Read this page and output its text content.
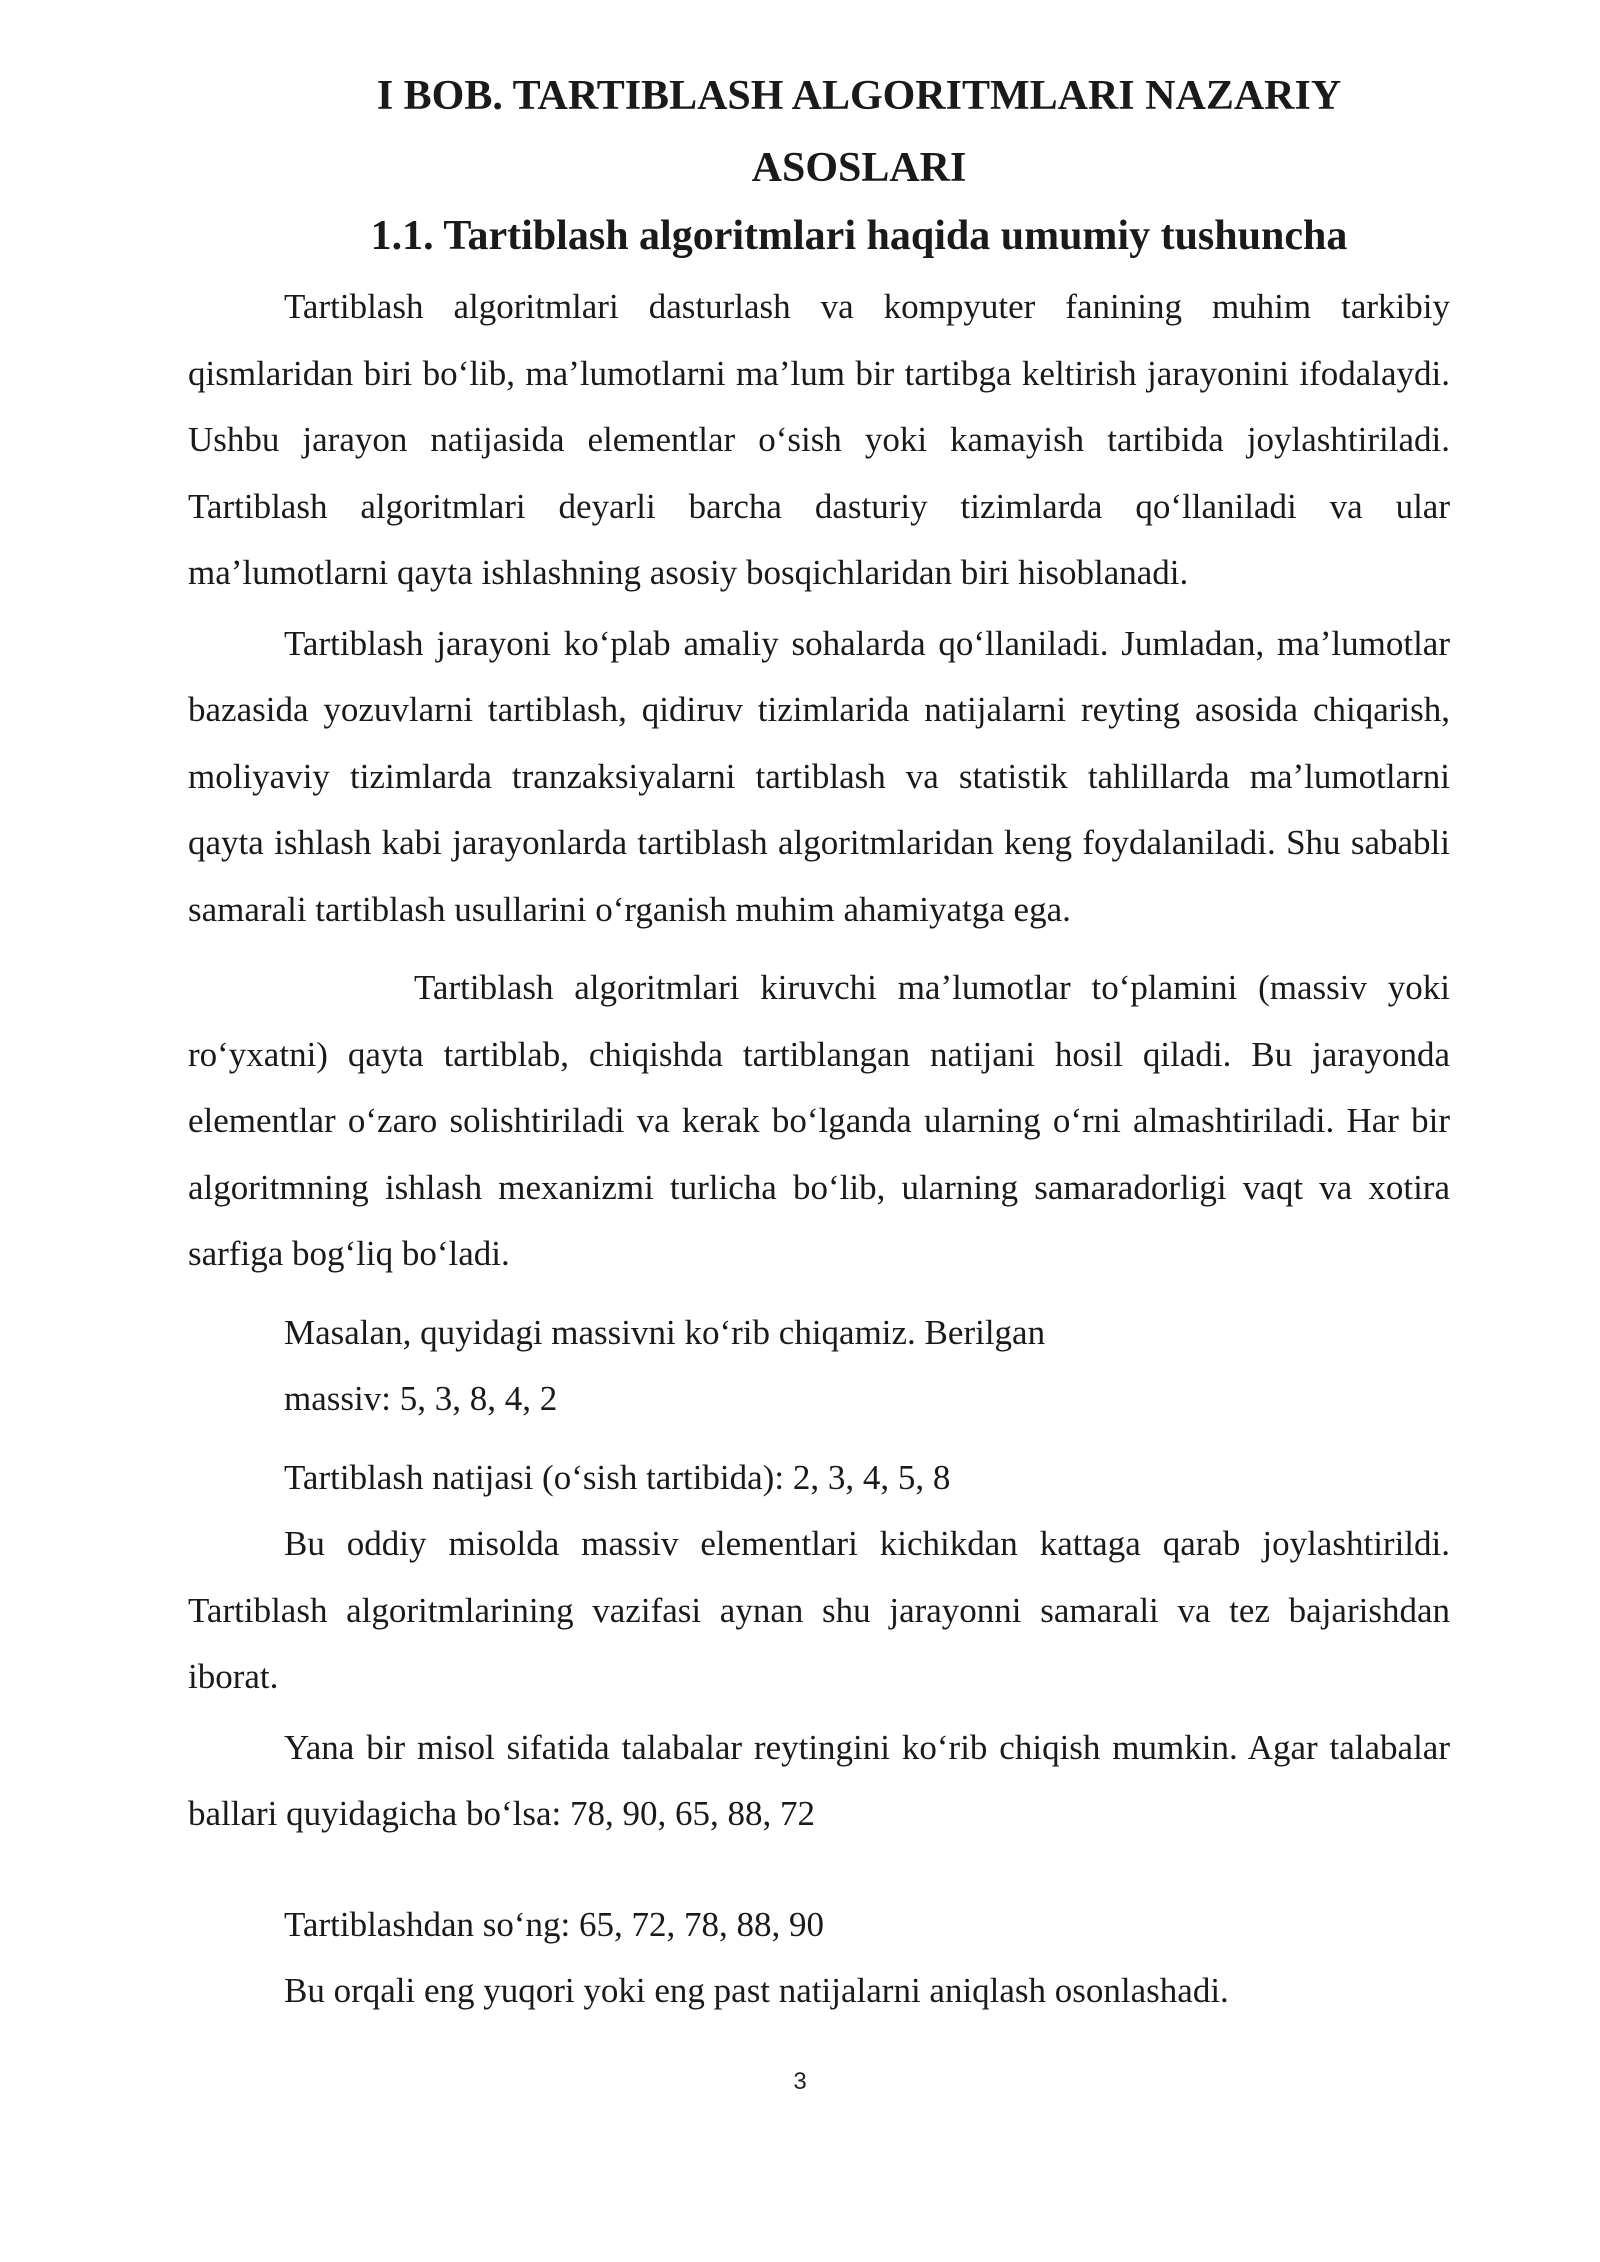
I BOB. TARTIBLASH ALGORITMLARI NAZARIY
ASOSLARI
1.1. Tartiblash algoritmlari haqida umumiy tushuncha

Tartiblash algoritmlari dasturlash va kompyuter fanining muhim tarkibiy qismlaridan biri boʻlib, maʼlumotlarni maʼlum bir tartibga keltirish jarayonini ifodalaydi. Ushbu jarayon natijasida elementlar oʻsish yoki kamayish tartibida joylashtiriladi. Tartiblash algoritmlari deyarli barcha dasturiy tizimlarda qoʻllaniladi va ular maʼlumotlarni qayta ishlashning asosiy bosqichlaridan biri hisoblanadi.

Tartiblash jarayoni koʻplab amaliy sohalarda qoʻllaniladi. Jumladan, maʼlumotlar bazasida yozuvlarni tartiblash, qidiruv tizimlarida natijalarni reyting asosida chiqarish, moliyaviy tizimlarda tranzaksiyalarni tartiblash va statistik tahlillarda maʼlumotlarni qayta ishlash kabi jarayonlarda tartiblash algoritmlaridan keng foydalaniladi. Shu sababli samarali tartiblash usullarini oʻrganish muhim ahamiyatga ega.

Tartiblash algoritmlari kiruvchi maʼlumotlar toʻplamini (massiv yoki roʻyxatni) qayta tartiblab, chiqishda tartiblangan natijani hosil qiladi. Bu jarayonda elementlar oʻzaro solishtiriladi va kerak boʻlganda ularning oʻrni almashtiriladi. Har bir algoritmning ishlash mexanizmi turlicha boʻlib, ularning samaradorligi vaqt va xotira sarfiga bogʻliq boʻladi.

Masalan, quyidagi massivni koʻrib chiqamiz. Berilgan

massiv: 5, 3, 8, 4, 2

Tartiblash natijasi (oʻsish tartibida): 2, 3, 4, 5, 8

Bu oddiy misolda massiv elementlari kichikdan kattaga qarab joylashtirildi. Tartiblash algoritmlarining vazifasi aynan shu jarayonni samarali va tez bajarishdan iborat.

Yana bir misol sifatida talabalar reytingini koʻrib chiqish mumkin. Agar talabalar ballari quyidagicha boʻlsa: 78, 90, 65, 88, 72

Tartiblashdan soʻng: 65, 72, 78, 88, 90

Bu orqali eng yuqori yoki eng past natijalarni aniqlash osonlashadi.

3
